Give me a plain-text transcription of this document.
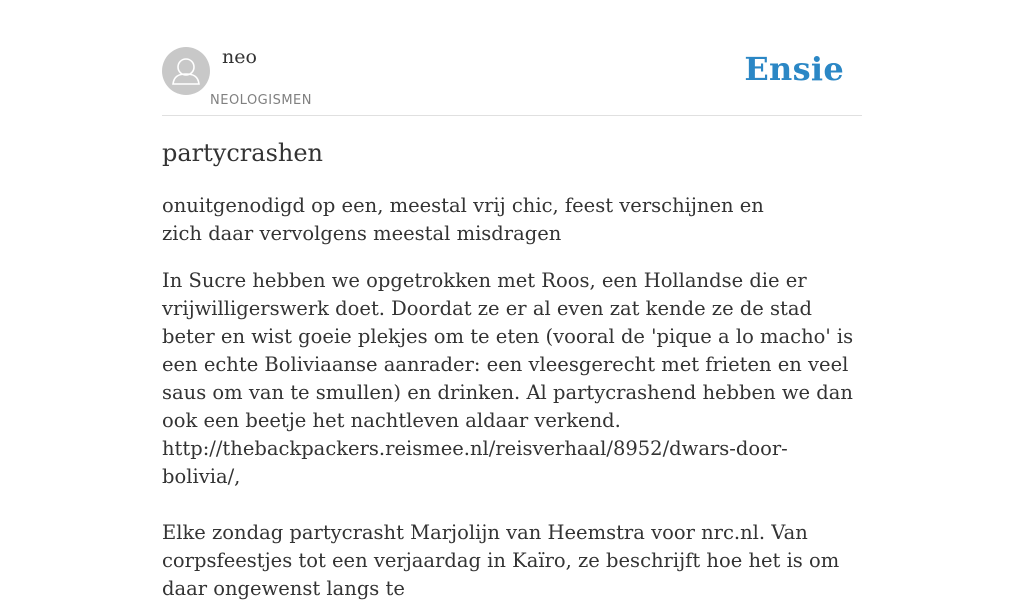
neo
NEOLOGISMEN
Ensie
partycrashen
onuitgenodigd op een, meestal vrij chic, feest verschijnen en zich daar vervolgens meestal misdragen

In Sucre hebben we opgetrokken met Roos, een Hollandse die er vrijwilligerswerk doet. Doordat ze er al even zat kende ze de stad beter en wist goeie plekjes om te eten (vooral de 'pique a lo macho' is een echte Boliviaanse aanrader: een vleesgerecht met frieten en veel saus om van te smullen) en drinken. Al partycrashend hebben we dan ook een beetje het nachtleven aldaar verkend. http://thebackpackers.reismee.nl/reisverhaal/8952/dwars-door-bolivia/,

Elke zondag partycrasht Marjolijn van Heemstra voor nrc.nl. Van corpsfeestjes tot een verjaardag in Kaïro, ze beschrijft hoe het is om daar ongewenst langs te
